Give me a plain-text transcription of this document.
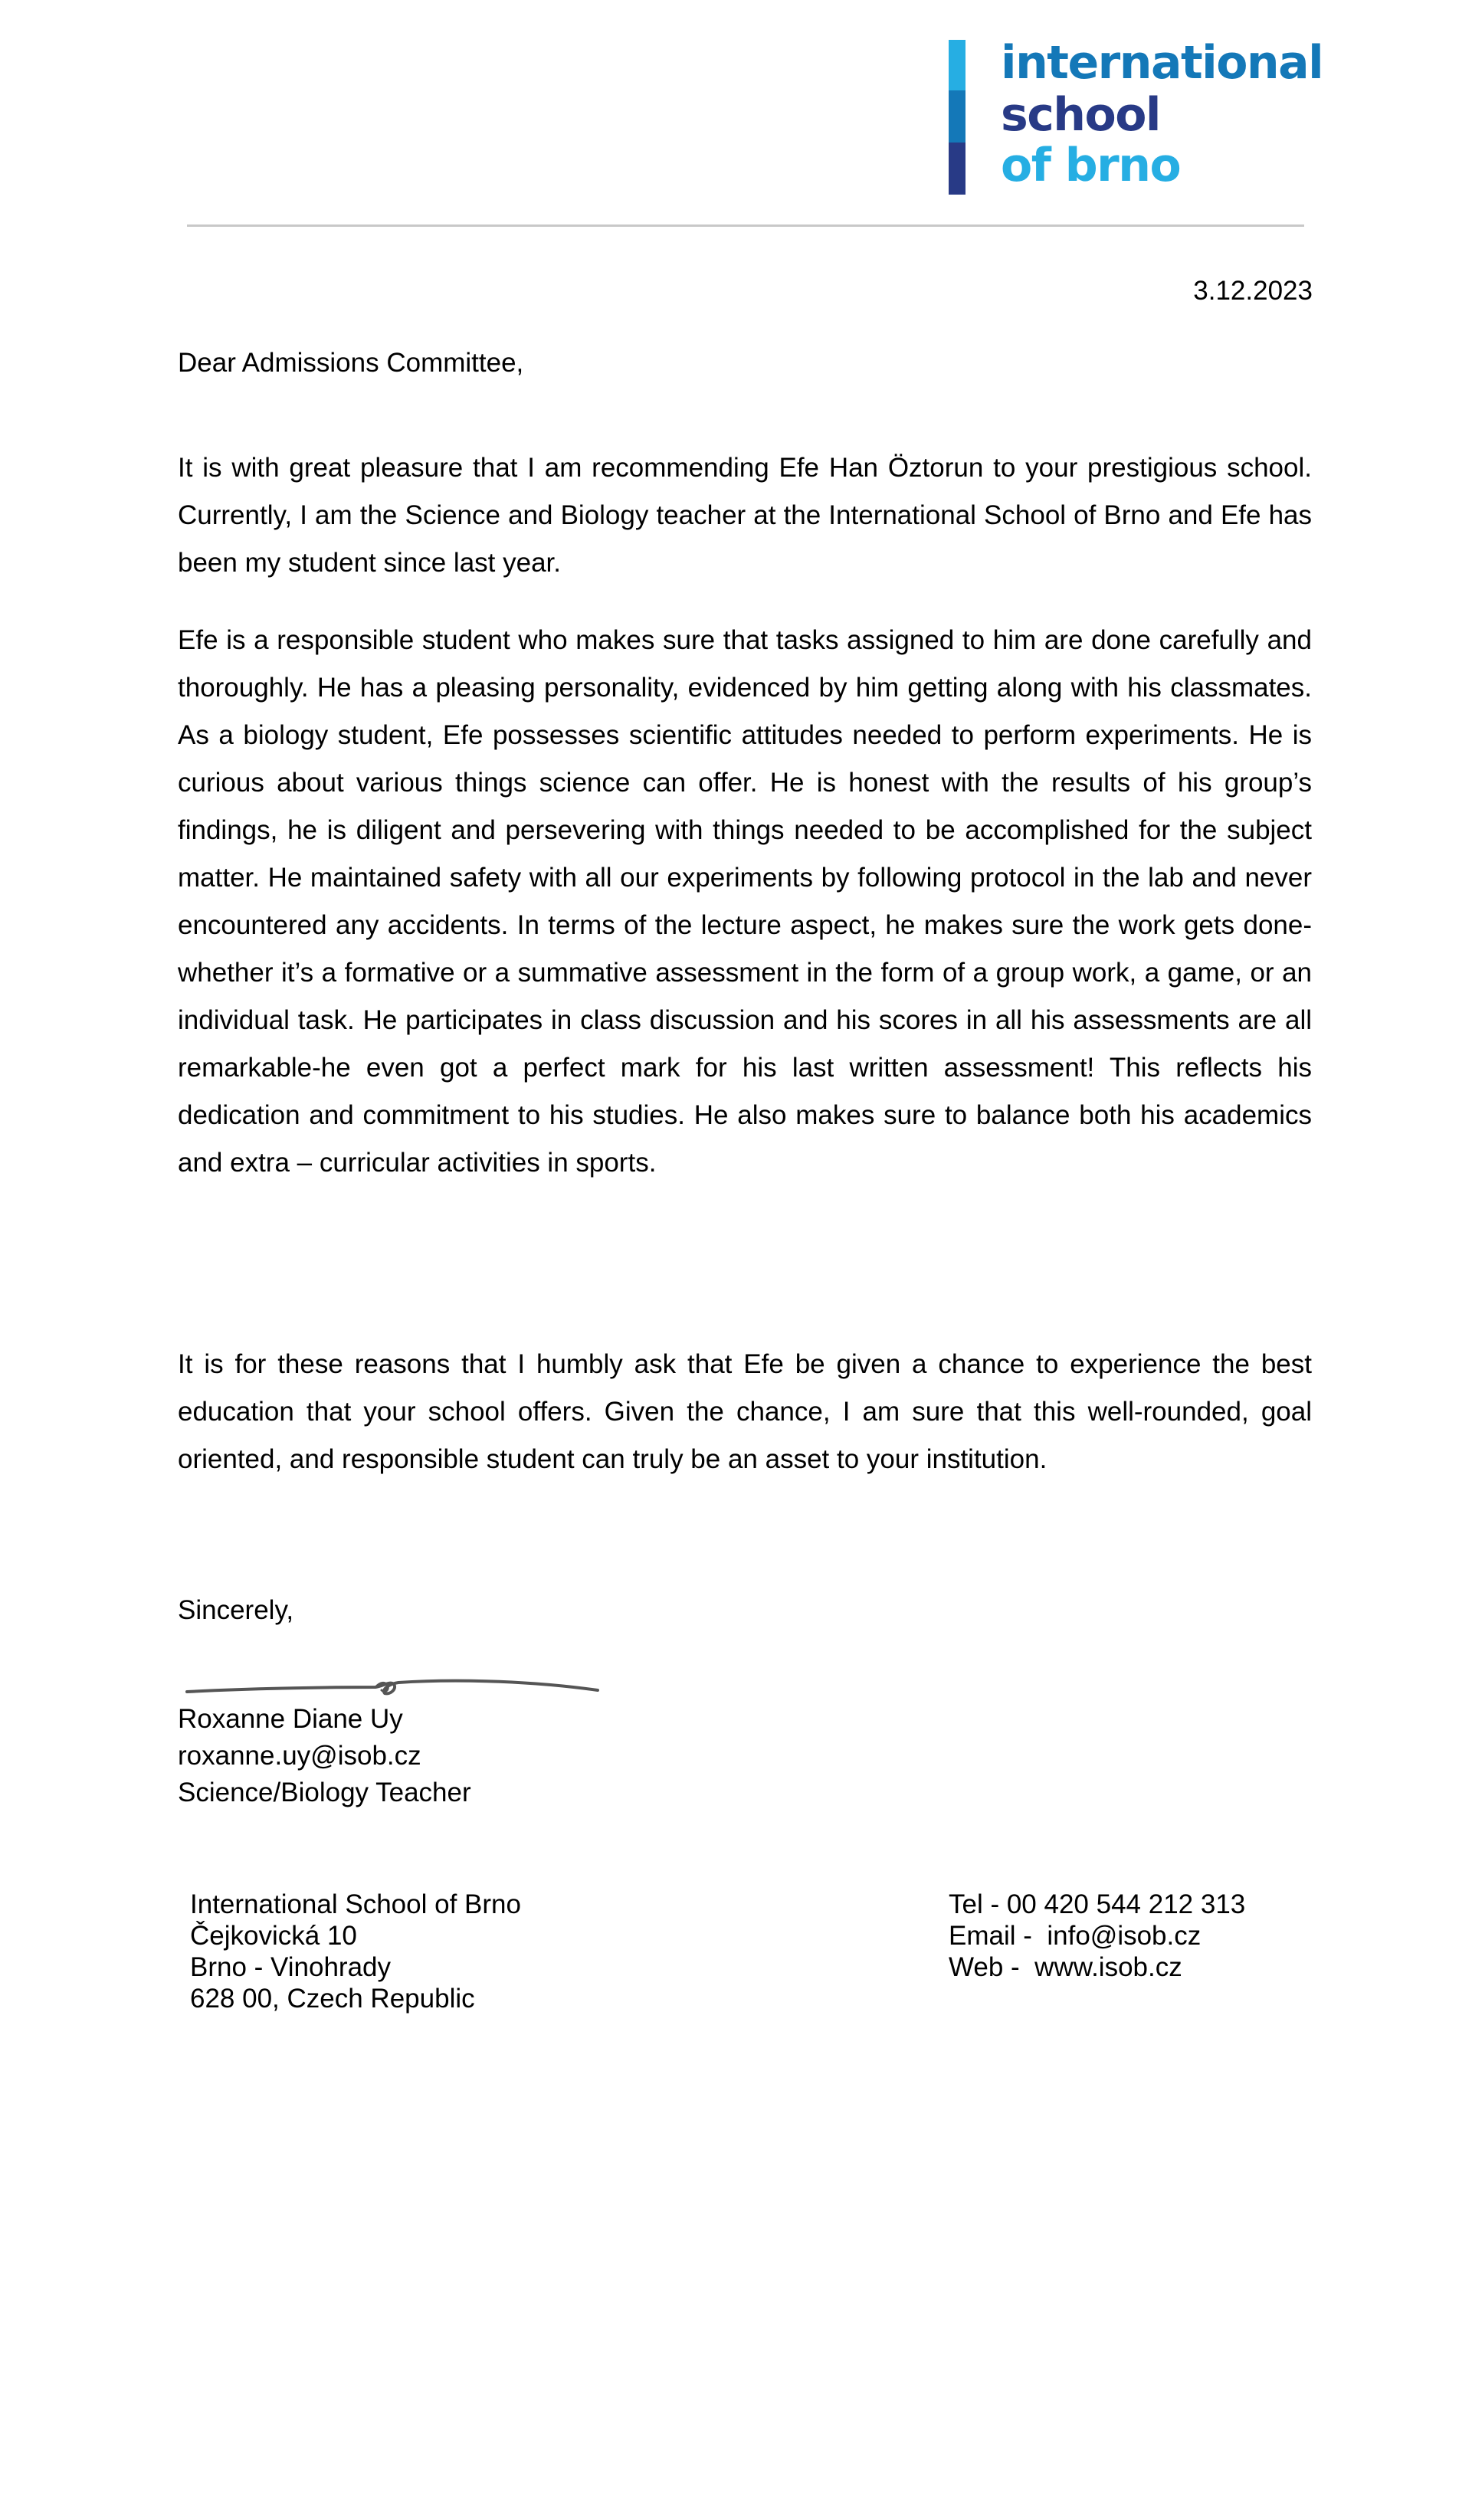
international
school
of brno
3.12.2023
Dear Admissions Committee,
It is with great pleasure that I am recommending Efe Han Öztorun to your prestigious school. Currently, I am the Science and Biology teacher at the International School of Brno and Efe has been my student since last year.
Efe is a responsible student who makes sure that tasks assigned to him are done carefully and thoroughly. He has a pleasing personality, evidenced by him getting along with his classmates. As a biology student, Efe possesses scientific attitudes needed to perform experiments. He is curious about various things science can offer. He is honest with the results of his group’s findings, he is diligent and persevering with things needed to be accomplished for the subject matter. He maintained safety with all our experiments by following protocol in the lab and never encountered any accidents. In terms of the lecture aspect, he makes sure the work gets done-whether it’s a formative or a summative assessment in the form of a group work, a game, or an individual task. He participates in class discussion and his scores in all his assessments are all remarkable-he even got a perfect mark for his last written assessment! This reflects his dedication and commitment to his studies. He also makes sure to balance both his academics and extra – curricular activities in sports.
It is for these reasons that I humbly ask that Efe be given a chance to experience the best education that your school offers. Given the chance, I am sure that this well-rounded, goal oriented, and responsible student can truly be an asset to your institution.
Sincerely,
Roxanne Diane Uy
roxanne.uy@isob.cz
Science/Biology Teacher
International School of Brno
Čejkovická 10
Brno - Vinohrady
628 00, Czech Republic
Tel - 00 420 544 212 313
Email - info@isob.cz
Web - www.isob.cz
